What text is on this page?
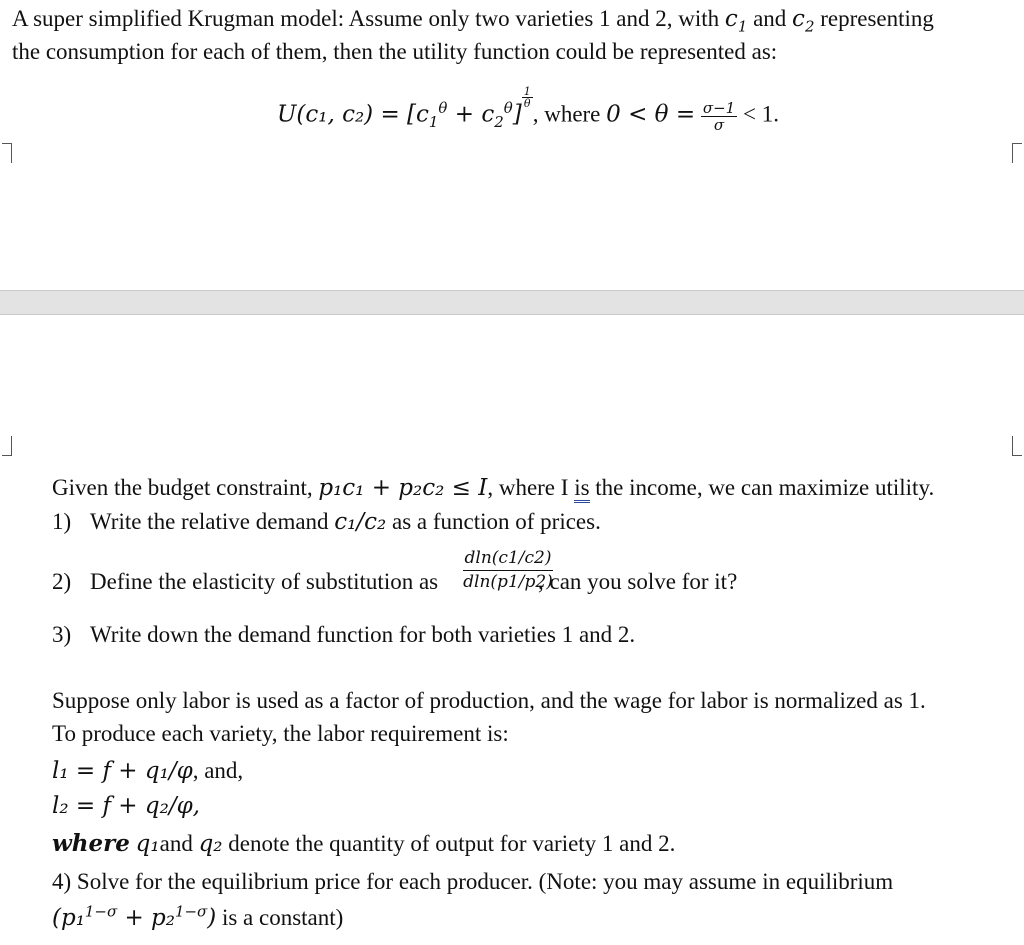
A super simplified Krugman model: Assume only two varieties 1 and 2, with $c_1$ and $c_2$ representing
the consumption for each of them, then the utility function could be represented as:
U(c₁, $c_2) = [c_1^\theta + c_2^\theta]$
$^{\frac{1}{\theta}}$
, where $0 < \theta = \frac{\sigma-1}{\sigma} < 1$.
Given the budget constraint, p₁c₁ + p₂c₂ ≤ I, where I is the income, we can maximize utility.
1) Write the relative demand c₁/c₂ as a function of prices.
2) Define the elasticity of substitution as $\frac{dln(c1/c2)}{dln(p1/p2)}$
, can you solve for it?
3) Write down the demand function for both varieties 1 and 2.
Suppose only labor is used as a factor of production, and the wage for labor is normalized as 1.
To produce each variety, the labor requirement is:
l₁ = f + q₁/φ, and,
l₂ = f + q₂/φ,
where q₁and q₂ denote the quantity of output for variety 1 and 2.
4) Solve for the equilibrium price for each producer. (Note: you may assume in equilibrium
(p₁$^{1-\sigma}$ + p₂$^{1-\sigma}$) is a constant)
